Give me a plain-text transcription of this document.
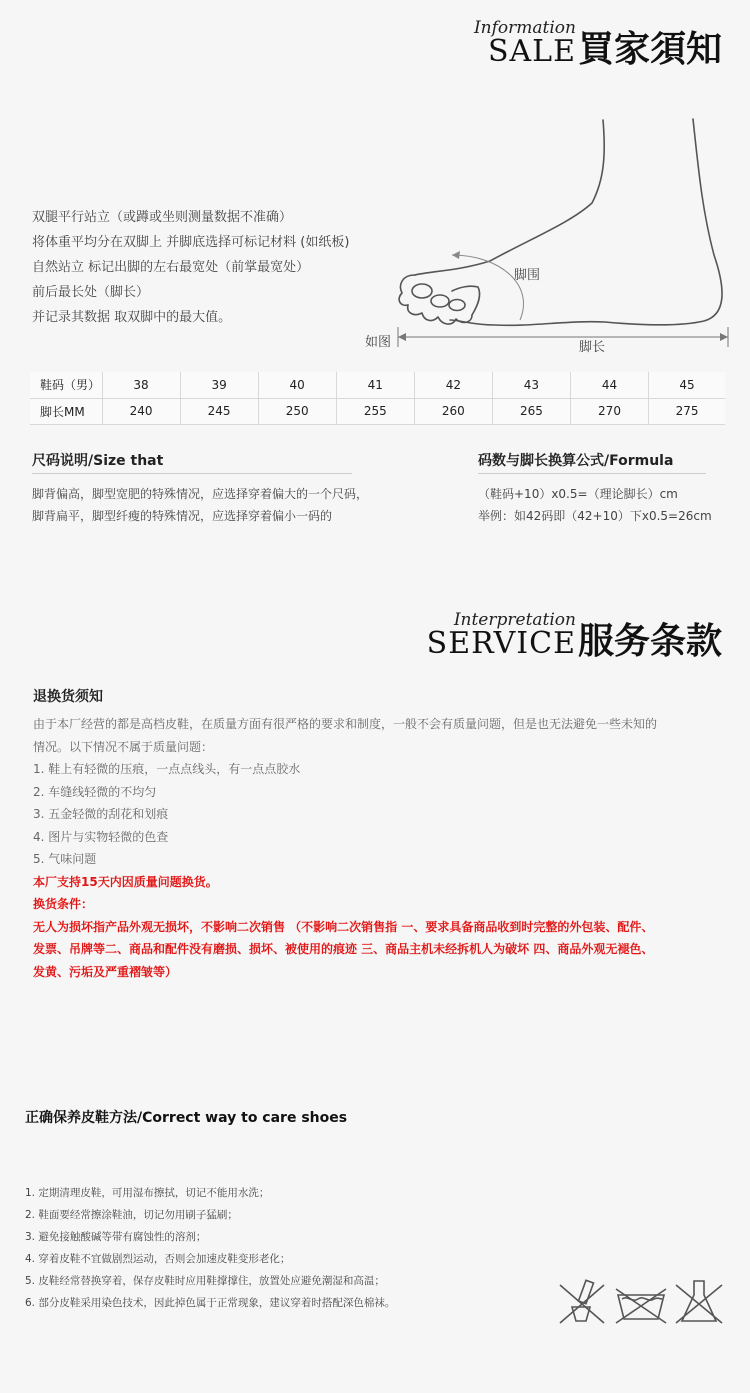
Information
SALE 買家須知
双腿平行站立（或蹲或坐则测量数据不准确）
将体重平均分在双脚上 并脚底选择可标记材料 (如纸板)
自然站立 标记出脚的左右最宽处（前掌最宽处）
前后最长处（脚长）
并记录其数据 取双脚中的最大值。
脚围
如图	脚长
鞋码（男）	38	39	40	41	42	43	44	45
脚长MM	240	245	250	255	260	265	270	275
尺码说明/Size that
脚背偏高，脚型宽肥的特殊情况，应选择穿着偏大的一个尺码，
脚背扁平，脚型纤瘦的特殊情况，应选择穿着偏小一码的
码数与脚长换算公式/Formula
（鞋码+10）x0.5=（理论脚长）cm
举例：如42码即（42+10）下x0.5=26cm
Interpretation
SERVICE 服务条款
退换货须知
由于本厂经营的都是高档皮鞋，在质量方面有很严格的要求和制度，一般不会有质量问题，但是也无法避免一些未知的
情况。以下情况不属于质量问题：
1. 鞋上有轻微的压痕，一点点线头，有一点点胶水
2. 车缝线轻微的不均匀
3. 五金轻微的刮花和划痕
4. 图片与实物轻微的色查
5. 气味问题
本厂支持15天内因质量问题换货。
换货条件：
无人为损坏指产品外观无损坏，不影响二次销售 （不影响二次销售指 一、要求具备商品收到时完整的外包装、配件、
发票、吊牌等二、商品和配件没有磨损、损坏、被使用的痕迹 三、商品主机未经拆机人为破坏 四、商品外观无褪色、
发黄、污垢及严重褶皱等）
正确保养皮鞋方法/Correct way to care shoes
1. 定期清理皮鞋，可用湿布擦拭，切记不能用水洗；
2. 鞋面要经常擦涂鞋油，切记勿用刷子猛刷；
3. 避免接触酸碱等带有腐蚀性的溶剂；
4. 穿着皮鞋不宜做剧烈运动，否则会加速皮鞋变形老化；
5. 皮鞋经常替换穿着，保存皮鞋时应用鞋撑撑住，放置处应避免潮湿和高温；
6. 部分皮鞋采用染色技术，因此掉色属于正常现象，建议穿着时搭配深色棉袜。
